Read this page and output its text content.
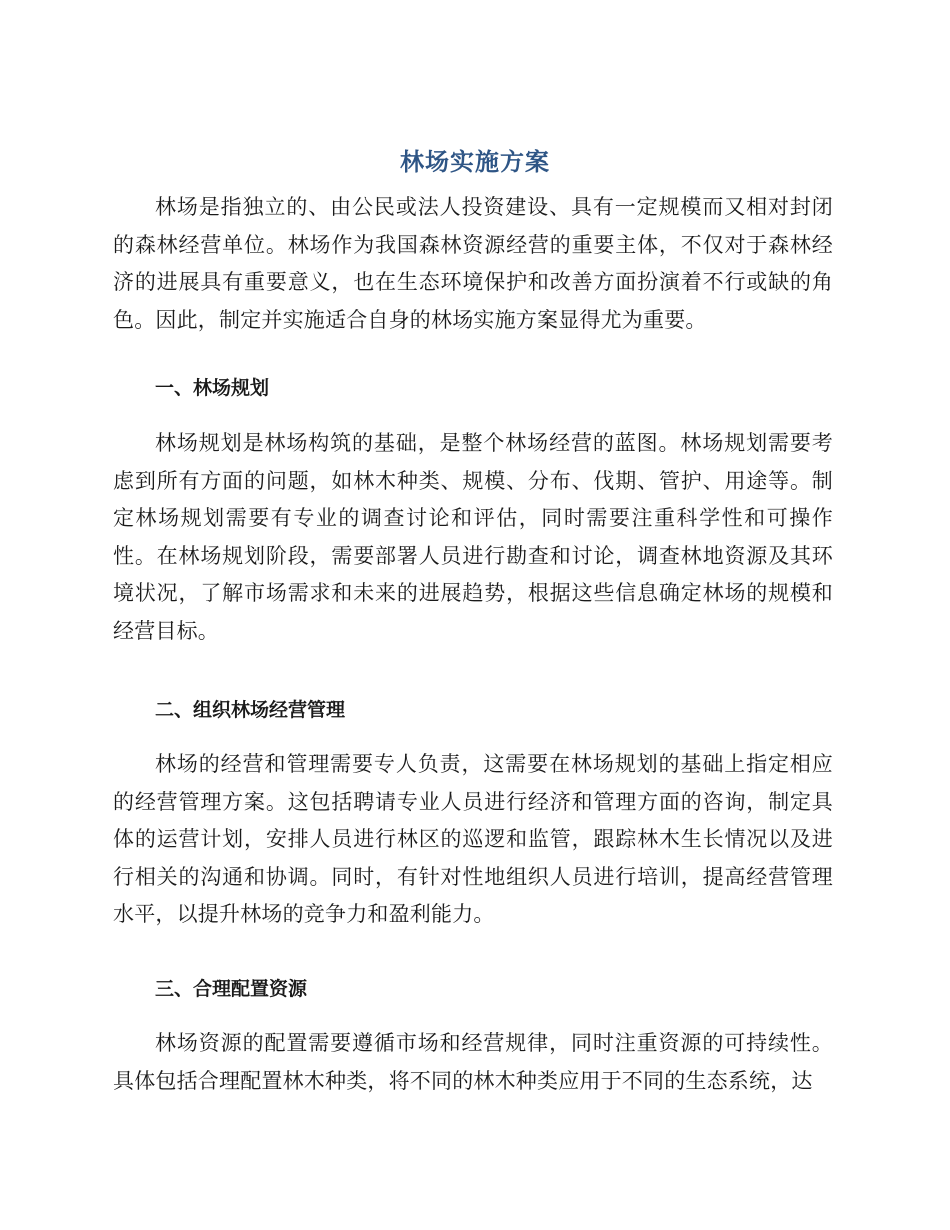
林场实施方案

林场是指独立的、由公民或法人投资建设、具有一定规模而又相对封闭的森林经营单位。林场作为我国森林资源经营的重要主体，不仅对于森林经济的进展具有重要意义，也在生态环境保护和改善方面扮演着不行或缺的角色。因此，制定并实施适合自身的林场实施方案显得尤为重要。

一、林场规划

林场规划是林场构筑的基础，是整个林场经营的蓝图。林场规划需要考虑到所有方面的问题，如林木种类、规模、分布、伐期、管护、用途等。制定林场规划需要有专业的调查讨论和评估，同时需要注重科学性和可操作性。在林场规划阶段，需要部署人员进行勘查和讨论，调查林地资源及其环境状况，了解市场需求和未来的进展趋势，根据这些信息确定林场的规模和经营目标。

二、组织林场经营管理

林场的经营和管理需要专人负责，这需要在林场规划的基础上指定相应的经营管理方案。这包括聘请专业人员进行经济和管理方面的咨询，制定具体的运营计划，安排人员进行林区的巡逻和监管，跟踪林木生长情况以及进行相关的沟通和协调。同时，有针对性地组织人员进行培训，提高经营管理水平，以提升林场的竞争力和盈利能力。

三、合理配置资源

林场资源的配置需要遵循市场和经营规律，同时注重资源的可持续性。具体包括合理配置林木种类，将不同的林木种类应用于不同的生态系统，达
